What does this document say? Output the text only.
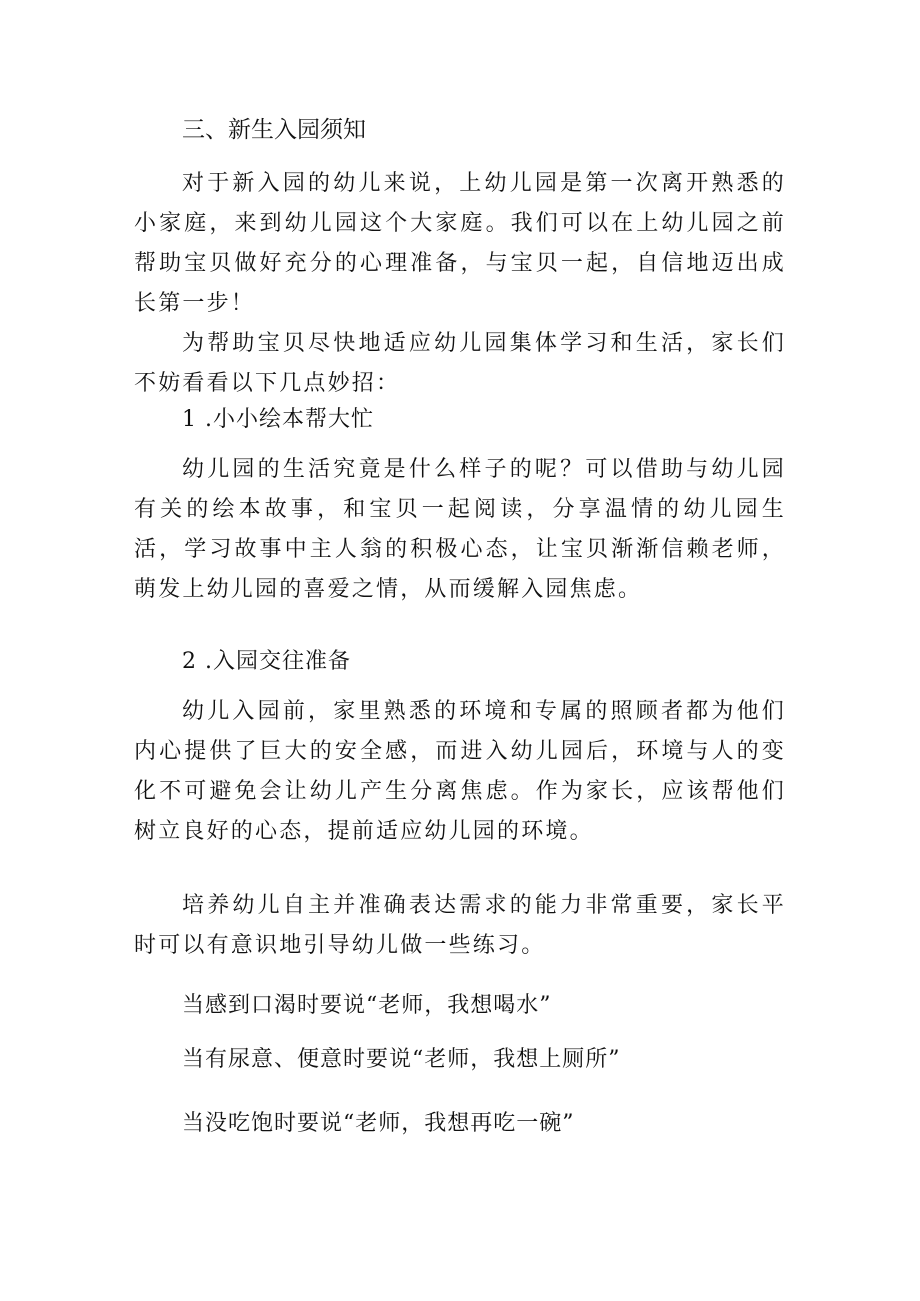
三、新生入园须知

对于新入园的幼儿来说，上幼儿园是第一次离开熟悉的小家庭，来到幼儿园这个大家庭。我们可以在上幼儿园之前帮助宝贝做好充分的心理准备，与宝贝一起，自信地迈出成长第一步！

为帮助宝贝尽快地适应幼儿园集体学习和生活，家长们不妨看看以下几点妙招：

1 .小小绘本帮大忙

幼儿园的生活究竟是什么样子的呢？可以借助与幼儿园有关的绘本故事，和宝贝一起阅读，分享温情的幼儿园生活，学习故事中主人翁的积极心态，让宝贝渐渐信赖老师，萌发上幼儿园的喜爱之情，从而缓解入园焦虑。

2 .入园交往准备

幼儿入园前，家里熟悉的环境和专属的照顾者都为他们内心提供了巨大的安全感，而进入幼儿园后，环境与人的变化不可避免会让幼儿产生分离焦虑。作为家长，应该帮他们树立良好的心态，提前适应幼儿园的环境。

培养幼儿自主并准确表达需求的能力非常重要，家长平时可以有意识地引导幼儿做一些练习。

当感到口渴时要说“老师，我想喝水”
当有尿意、便意时要说“老师，我想上厕所”
当没吃饱时要说“老师，我想再吃一碗”
